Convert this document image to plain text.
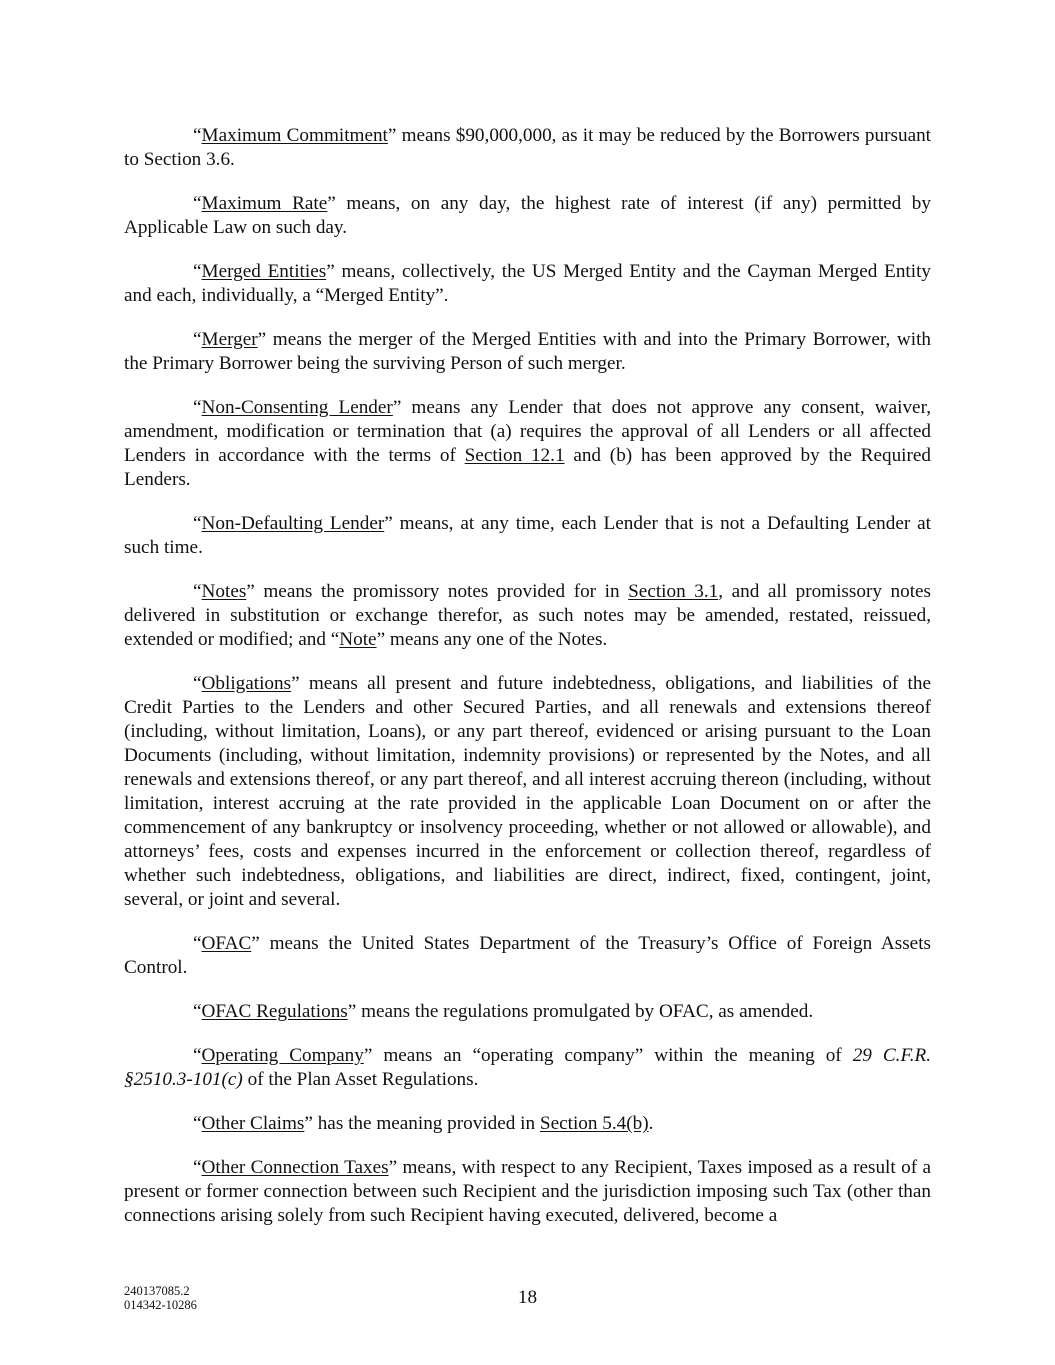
“Maximum Commitment” means $90,000,000, as it may be reduced by the Borrowers pursuant to Section 3.6.

“Maximum Rate” means, on any day, the highest rate of interest (if any) permitted by Applicable Law on such day.

“Merged Entities” means, collectively, the US Merged Entity and the Cayman Merged Entity and each, individually, a “Merged Entity”.

“Merger” means the merger of the Merged Entities with and into the Primary Borrower, with the Primary Borrower being the surviving Person of such merger.

“Non-Consenting Lender” means any Lender that does not approve any consent, waiver, amendment, modification or termination that (a) requires the approval of all Lenders or all affected Lenders in accordance with the terms of Section 12.1 and (b) has been approved by the Required Lenders.

“Non-Defaulting Lender” means, at any time, each Lender that is not a Defaulting Lender at such time.

“Notes” means the promissory notes provided for in Section 3.1, and all promissory notes delivered in substitution or exchange therefor, as such notes may be amended, restated, reissued, extended or modified; and “Note” means any one of the Notes.

“Obligations” means all present and future indebtedness, obligations, and liabilities of the Credit Parties to the Lenders and other Secured Parties, and all renewals and extensions thereof (including, without limitation, Loans), or any part thereof, evidenced or arising pursuant to the Loan Documents (including, without limitation, indemnity provisions) or represented by the Notes, and all renewals and extensions thereof, or any part thereof, and all interest accruing thereon (including, without limitation, interest accruing at the rate provided in the applicable Loan Document on or after the commencement of any bankruptcy or insolvency proceeding, whether or not allowed or allowable), and attorneys’ fees, costs and expenses incurred in the enforcement or collection thereof, regardless of whether such indebtedness, obligations, and liabilities are direct, indirect, fixed, contingent, joint, several, or joint and several.

“OFAC” means the United States Department of the Treasury’s Office of Foreign Assets Control.

“OFAC Regulations” means the regulations promulgated by OFAC, as amended.

“Operating Company” means an “operating company” within the meaning of 29 C.F.R. §2510.3-101(c) of the Plan Asset Regulations.

“Other Claims” has the meaning provided in Section 5.4(b).

“Other Connection Taxes” means, with respect to any Recipient, Taxes imposed as a result of a present or former connection between such Recipient and the jurisdiction imposing such Tax (other than connections arising solely from such Recipient having executed, delivered, become a

240137085.2
014342-10286	18
